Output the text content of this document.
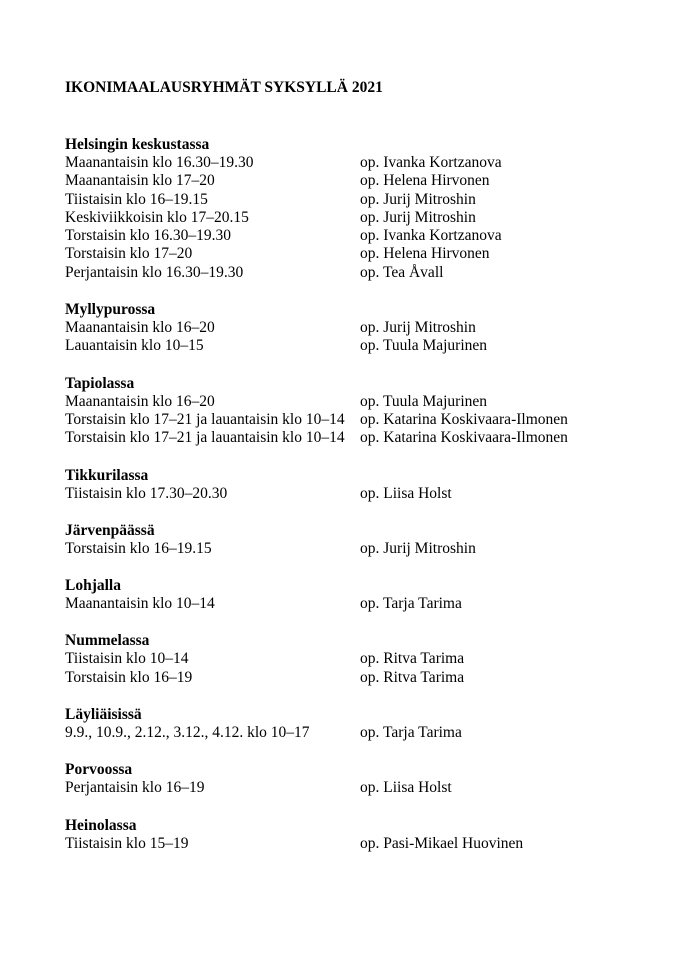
IKONIMAALAUSRYHMÄT SYKSYLLÄ 2021
Helsingin keskustassa
Maanantaisin klo 16.30–19.30	op. Ivanka Kortzanova
Maanantaisin klo 17–20	op. Helena Hirvonen
Tiistaisin klo 16–19.15	op. Jurij Mitroshin
Keskiviikkoisin klo 17–20.15	op. Jurij Mitroshin
Torstaisin klo 16.30–19.30	op. Ivanka Kortzanova
Torstaisin klo 17–20	op. Helena Hirvonen
Perjantaisin klo 16.30–19.30	op. Tea Åvall
Myllypurossa
Maanantaisin klo 16–20	op. Jurij Mitroshin
Lauantaisin klo 10–15	op. Tuula Majurinen
Tapiolassa
Maanantaisin klo 16–20	op. Tuula Majurinen
Torstaisin klo 17–21 ja lauantaisin klo 10–14 op. Katarina Koskivaara-Ilmonen
Torstaisin klo 17–21 ja lauantaisin klo 10–14 op. Katarina Koskivaara-Ilmonen
Tikkurilassa
Tiistaisin klo 17.30–20.30	op. Liisa Holst
Järvenpäässä
Torstaisin klo 16–19.15	op. Jurij Mitroshin
Lohjalla
Maanantaisin klo 10–14	op. Tarja Tarima
Nummelassa
Tiistaisin klo 10–14	op. Ritva Tarima
Torstaisin klo 16–19	op. Ritva Tarima
Läyliäisissä
9.9., 10.9., 2.12., 3.12., 4.12. klo 10–17	op. Tarja Tarima
Porvoossa
Perjantaisin klo 16–19	op. Liisa Holst
Heinolassa
Tiistaisin klo 15–19	op. Pasi-Mikael Huovinen
